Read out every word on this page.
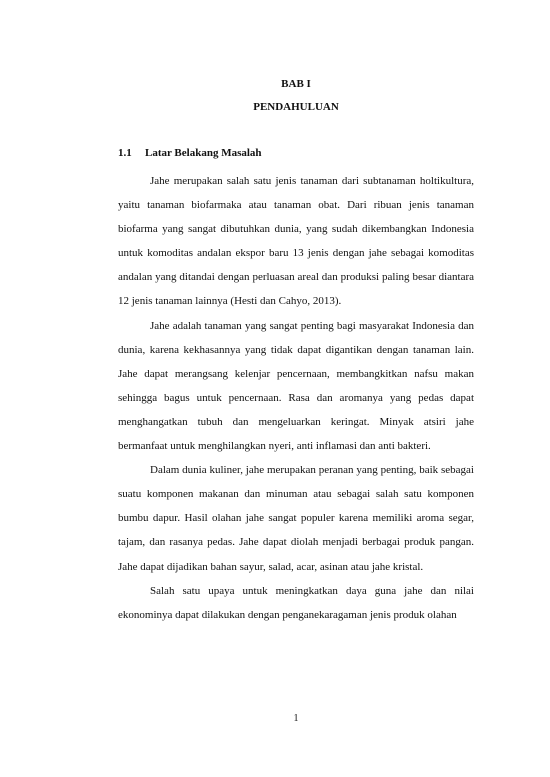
BAB I
PENDAHULUAN
1.1 Latar Belakang Masalah

Jahe merupakan salah satu jenis tanaman dari subtanaman holtikultura, yaitu tanaman biofarmaka atau tanaman obat. Dari ribuan jenis tanaman biofarma yang sangat dibutuhkan dunia, yang sudah dikembangkan Indonesia untuk komoditas andalan ekspor baru 13 jenis dengan jahe sebagai komoditas andalan yang ditandai dengan perluasan areal dan produksi paling besar diantara 12 jenis tanaman lainnya (Hesti dan Cahyo, 2013).

Jahe adalah tanaman yang sangat penting bagi masyarakat Indonesia dan dunia, karena kekhasannya yang tidak dapat digantikan dengan tanaman lain. Jahe dapat merangsang kelenjar pencernaan, membangkitkan nafsu makan sehingga bagus untuk pencernaan. Rasa dan aromanya yang pedas dapat menghangatkan tubuh dan mengeluarkan keringat. Minyak atsiri jahe bermanfaat untuk menghilangkan nyeri, anti inflamasi dan anti bakteri.

Dalam dunia kuliner, jahe merupakan peranan yang penting, baik sebagai suatu komponen makanan dan minuman atau sebagai salah satu komponen bumbu dapur. Hasil olahan jahe sangat populer karena memiliki aroma segar, tajam, dan rasanya pedas. Jahe dapat diolah menjadi berbagai produk pangan. Jahe dapat dijadikan bahan sayur, salad, acar, asinan atau jahe kristal.

Salah satu upaya untuk meningkatkan daya guna jahe dan nilai ekonominya dapat dilakukan dengan penganekaragaman jenis produk olahan

1
